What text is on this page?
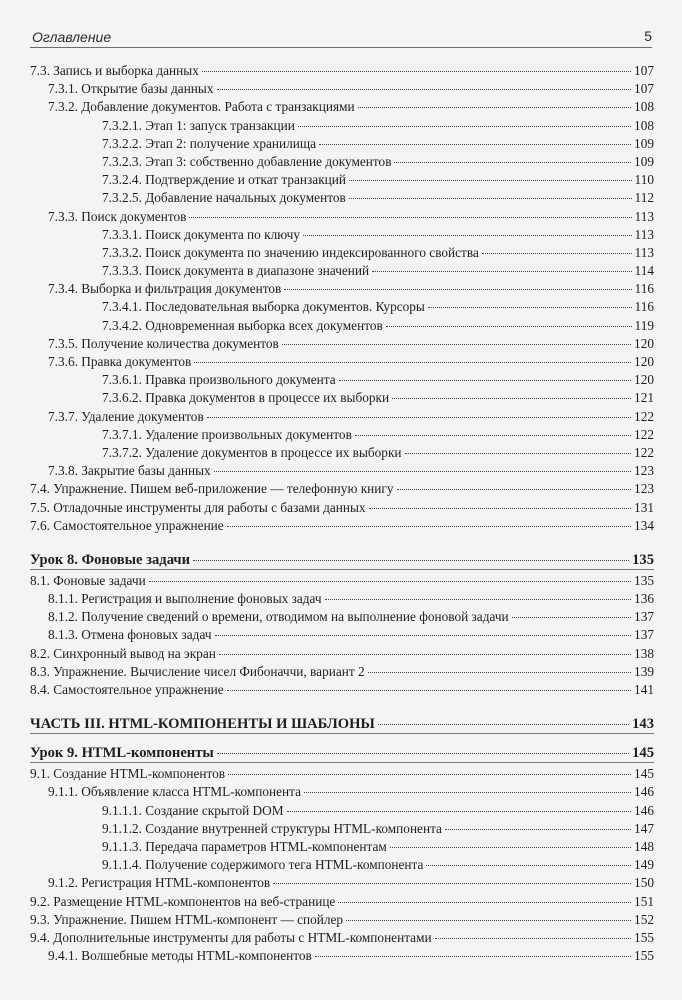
Оглавление	5
7.3. Запись и выборка данных	107
7.3.1. Открытие базы данных	107
7.3.2. Добавление документов. Работа с транзакциями	108
7.3.2.1. Этап 1: запуск транзакции	108
7.3.2.2. Этап 2: получение хранилища	109
7.3.2.3. Этап 3: собственно добавление документов	109
7.3.2.4. Подтверждение и откат транзакций	110
7.3.2.5. Добавление начальных документов	112
7.3.3. Поиск документов	113
7.3.3.1. Поиск документа по ключу	113
7.3.3.2. Поиск документа по значению индексированного свойства	113
7.3.3.3. Поиск документа в диапазоне значений	114
7.3.4. Выборка и фильтрация документов	116
7.3.4.1. Последовательная выборка документов. Курсоры	116
7.3.4.2. Одновременная выборка всех документов	119
7.3.5. Получение количества документов	120
7.3.6. Правка документов	120
7.3.6.1. Правка произвольного документа	120
7.3.6.2. Правка документов в процессе их выборки	121
7.3.7. Удаление документов	122
7.3.7.1. Удаление произвольных документов	122
7.3.7.2. Удаление документов в процессе их выборки	122
7.3.8. Закрытие базы данных	123
7.4. Упражнение. Пишем веб-приложение — телефонную книгу	123
7.5. Отладочные инструменты для работы с базами данных	131
7.6. Самостоятельное упражнение	134
Урок 8. Фоновые задачи	135
8.1. Фоновые задачи	135
8.1.1. Регистрация и выполнение фоновых задач	136
8.1.2. Получение сведений о времени, отводимом на выполнение фоновой задачи	137
8.1.3. Отмена фоновых задач	137
8.2. Синхронный вывод на экран	138
8.3. Упражнение. Вычисление чисел Фибоначчи, вариант 2	139
8.4. Самостоятельное упражнение	141
ЧАСТЬ III. HTML-КОМПОНЕНТЫ И ШАБЛОНЫ	143
Урок 9. HTML-компоненты	145
9.1. Создание HTML-компонентов	145
9.1.1. Объявление класса HTML-компонента	146
9.1.1.1. Создание скрытой DOM	146
9.1.1.2. Создание внутренней структуры HTML-компонента	147
9.1.1.3. Передача параметров HTML-компонентам	148
9.1.1.4. Получение содержимого тега HTML-компонента	149
9.1.2. Регистрация HTML-компонентов	150
9.2. Размещение HTML-компонентов на веб-странице	151
9.3. Упражнение. Пишем HTML-компонент — спойлер	152
9.4. Дополнительные инструменты для работы с HTML-компонентами	155
9.4.1. Волшебные методы HTML-компонентов	155
